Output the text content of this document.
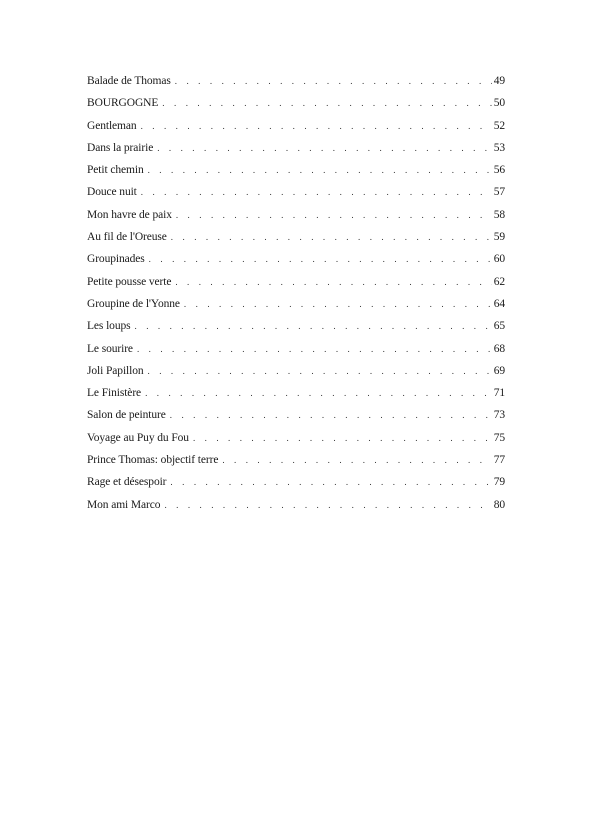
Balade de Thomas . . .	49
BOURGOGNE . . .	50
Gentleman . . .	52
Dans la prairie . . .	53
Petit chemin . . .	56
Douce nuit . . .	57
Mon havre de paix . . .	58
Au fil de l'Oreuse . . .	59
Groupinades . . .	60
Petite pousse verte . . .	62
Groupine de l'Yonne . . .	64
Les loups . . .	65
Le sourire . . .	68
Joli Papillon . . .	69
Le Finistère . . .	71
Salon de peinture . . .	73
Voyage au Puy du Fou . . .	75
Prince Thomas: objectif terre . . .	77
Rage et désespoir . . .	79
Mon ami Marco . . .	80
